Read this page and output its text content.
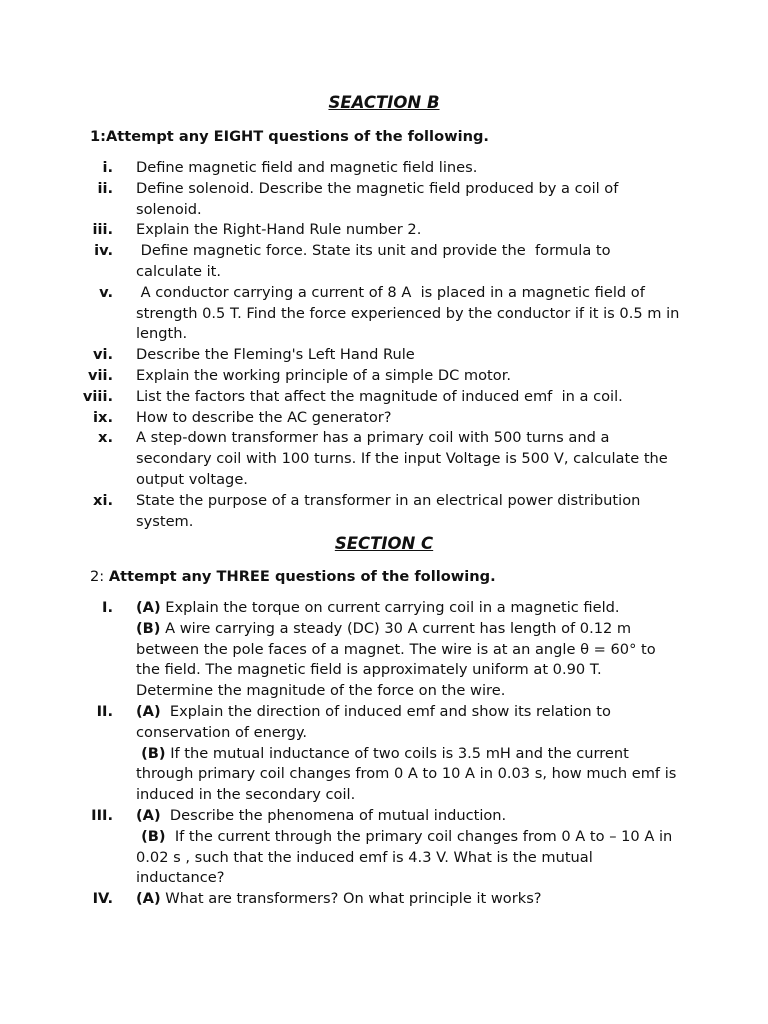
SEACTION B
1:Attempt any EIGHT questions of the following.
i. Define magnetic field and magnetic field lines.
ii. Define solenoid. Describe the magnetic field produced by a coil of solenoid.
iii. Explain the Right-Hand Rule number 2.
iv. Define magnetic force. State its unit and provide the  formula to calculate it.
v. A conductor carrying a current of 8 A  is placed in a magnetic field of strength 0.5 T. Find the force experienced by the conductor if it is 0.5 m in length.
vi. Describe the Fleming's Left Hand Rule
vii. Explain the working principle of a simple DC motor.
viii. List the factors that affect the magnitude of induced emf  in a coil.
ix. How to describe the AC generator?
x. A step-down transformer has a primary coil with 500 turns and a secondary coil with 100 turns. If the input Voltage is 500 V, calculate the output voltage.
xi. State the purpose of a transformer in an electrical power distribution system.
SECTION C
2: Attempt any THREE questions of the following.
I. (A) Explain the torque on current carrying coil in a magnetic field.
(B) A wire carrying a steady (DC) 30 A current has length of 0.12 m between the pole faces of a magnet. The wire is at an angle θ = 60° to the field. The magnetic field is approximately uniform at 0.90 T. Determine the magnitude of the force on the wire.
II. (A)  Explain the direction of induced emf and show its relation to conservation of energy.
(B) If the mutual inductance of two coils is 3.5 mH and the current through primary coil changes from 0 A to 10 A in 0.03 s, how much emf is induced in the secondary coil.
III. (A)  Describe the phenomena of mutual induction.
(B)  If the current through the primary coil changes from 0 A to – 10 A in 0.02 s , such that the induced emf is 4.3 V. What is the mutual inductance?
IV. (A) What are transformers? On what principle it works?
